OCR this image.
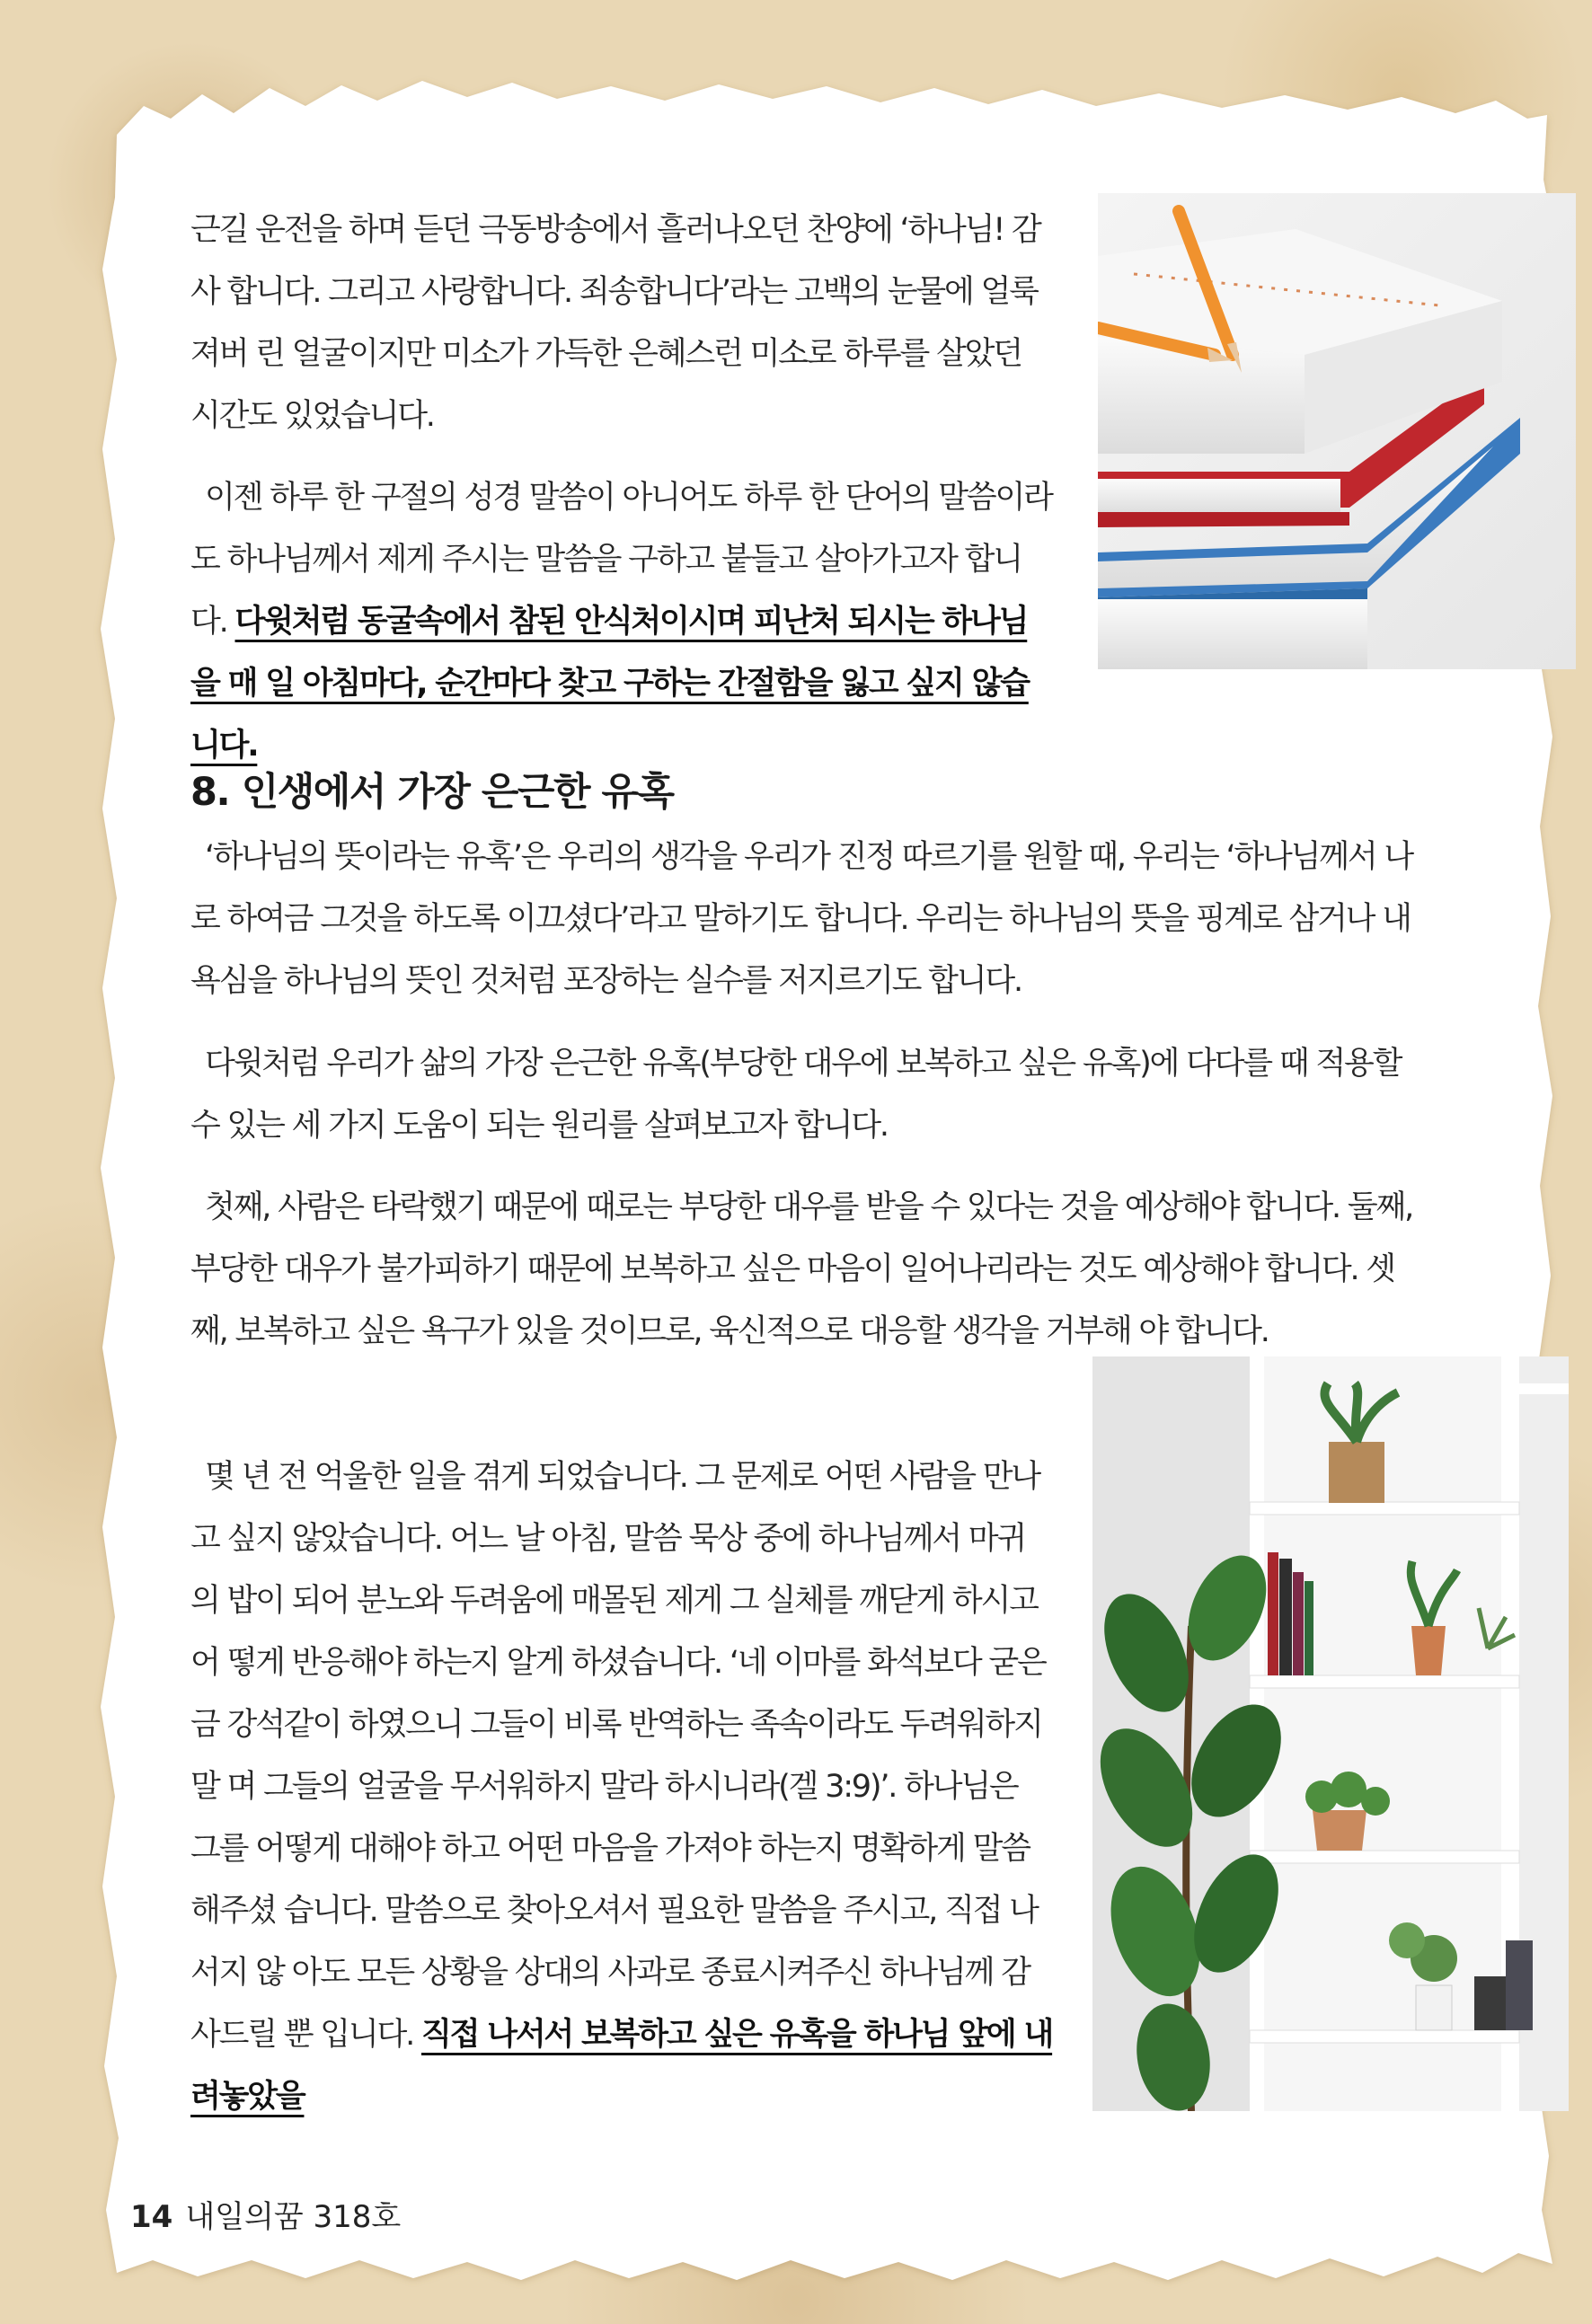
근길 운전을 하며 듣던 극동방송에서 흘러나오던 찬양에 ‘하나님! 감사 합니다. 그리고 사랑합니다. 죄송합니다’라는 고백의 눈물에 얼룩져버 린 얼굴이지만 미소가 가득한 은혜스런 미소로 하루를 살았던 시간도 있었습니다.

이젠 하루 한 구절의 성경 말씀이 아니어도 하루 한 단어의 말씀이라 도 하나님께서 제게 주시는 말씀을 구하고 붙들고 살아가고자 합니다. 다윗처럼 동굴속에서 참된 안식처이시며 피난처 되시는 하나님을 매 일 아침마다, 순간마다 찾고 구하는 간절함을 잃고 싶지 않습니다.

8. 인생에서 가장 은근한 유혹

‘하나님의 뜻이라는 유혹’은 우리의 생각을 우리가 진정 따르기를 원할 때, 우리는 ‘하나님께서 나로 하여금 그것을 하도록 이끄셨다’라고 말하기도 합니다. 우리는 하나님의 뜻을 핑계로 삼거나 내 욕심을 하나님의 뜻인 것처럼 포장하는 실수를 저지르기도 합니다.

다윗처럼 우리가 삶의 가장 은근한 유혹(부당한 대우에 보복하고 싶은 유혹)에 다다를 때 적용할 수 있는 세 가지 도움이 되는 원리를 살펴보고자 합니다.

첫째, 사람은 타락했기 때문에 때로는 부당한 대우를 받을 수 있다는 것을 예상해야 합니다. 둘째, 부당한 대우가 불가피하기 때문에 보복하고 싶은 마음이 일어나리라는 것도 예상해야 합니다. 셋째, 보복하고 싶은 욕구가 있을 것이므로, 육신적으로 대응할 생각을 거부해 야 합니다.

몇 년 전 억울한 일을 겪게 되었습니다. 그 문제로 어떤 사람을 만나 고 싶지 않았습니다. 어느 날 아침, 말씀 묵상 중에 하나님께서 마귀의 밥이 되어 분노와 두려움에 매몰된 제게 그 실체를 깨닫게 하시고 어 떻게 반응해야 하는지 알게 하셨습니다. ‘네 이마를 화석보다 굳은 금 강석같이 하였으니 그들이 비록 반역하는 족속이라도 두려워하지 말 며 그들의 얼굴을 무서워하지 말라 하시니라(겔 3:9)’. 하나님은 그를 어떻게 대해야 하고 어떤 마음을 가져야 하는지 명확하게 말씀해주셨 습니다. 말씀으로 찾아오셔서 필요한 말씀을 주시고, 직접 나서지 않 아도 모든 상황을 상대의 사과로 종료시켜주신 하나님께 감사드릴 뿐 입니다. 직접 나서서 보복하고 싶은 유혹을 하나님 앞에 내려놓았을

14 내일의꿈 318호
